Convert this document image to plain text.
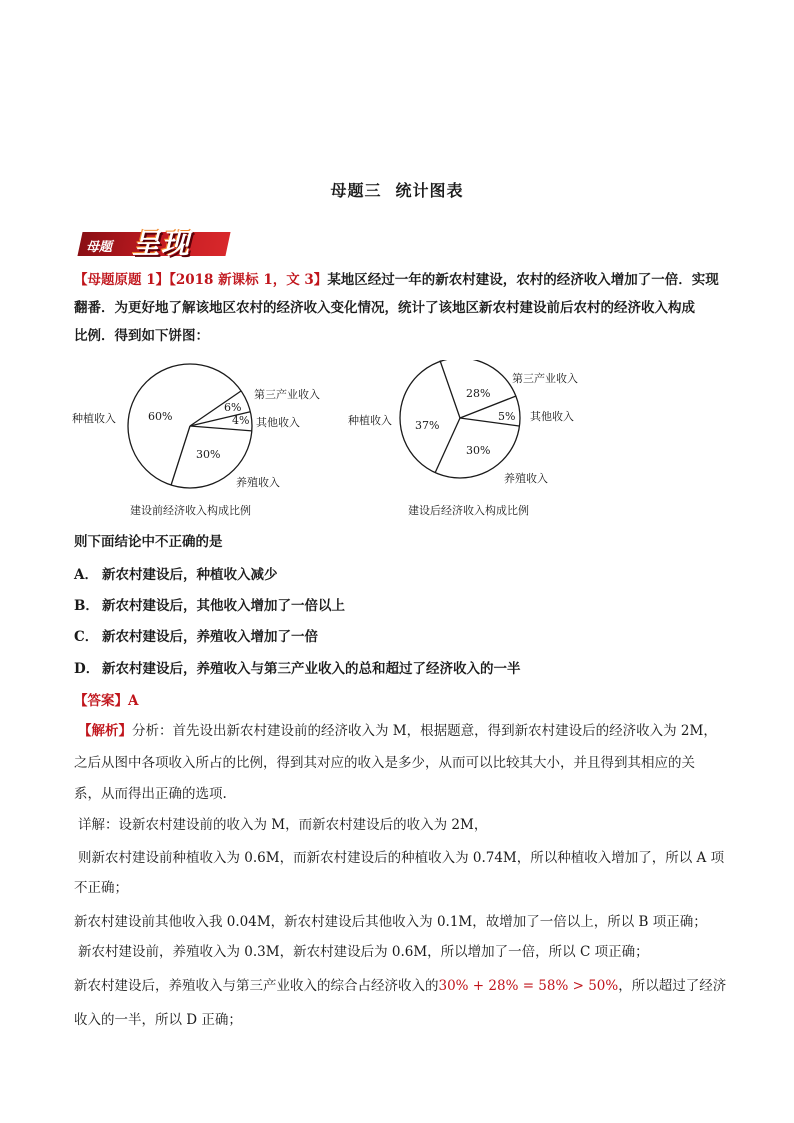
母题三 统计图表
母题 呈现
【母题原题 1】【2018 新课标 1，文 3】某地区经过一年的新农村建设，农村的经济收入增加了一倍．实现
翻番．为更好地了解该地区农村的经济收入变化情况，统计了该地区新农村建设前后农村的经济收入构成
比例．得到如下饼图：
60%
6%
4%
30%
种植收入
第三产业收入
其他收入
养殖收入
建设前经济收入构成比例
37%
28%
5%
30%
种植收入
第三产业收入
其他收入
养殖收入
建设后经济收入构成比例
则下面结论中不正确的是
A． 新农村建设后，种植收入减少
B． 新农村建设后，其他收入增加了一倍以上
C． 新农村建设后，养殖收入增加了一倍
D． 新农村建设后，养殖收入与第三产业收入的总和超过了经济收入的一半
【答案】A
【解析】分析：首先设出新农村建设前的经济收入为 M，根据题意，得到新农村建设后的经济收入为 2M，
之后从图中各项收入所占的比例，得到其对应的收入是多少，从而可以比较其大小，并且得到其相应的关
系，从而得出正确的选项.
详解：设新农村建设前的收入为 M，而新农村建设后的收入为 2M，
则新农村建设前种植收入为 0.6M，而新农村建设后的种植收入为 0.74M，所以种植收入增加了，所以 A 项
不正确；
新农村建设前其他收入我 0.04M，新农村建设后其他收入为 0.1M，故增加了一倍以上，所以 B 项正确；
新农村建设前，养殖收入为 0.3M，新农村建设后为 0.6M，所以增加了一倍，所以 C 项正确；
新农村建设后，养殖收入与第三产业收入的综合占经济收入的30% + 28% = 58% > 50%，所以超过了经济
收入的一半，所以 D 正确；
